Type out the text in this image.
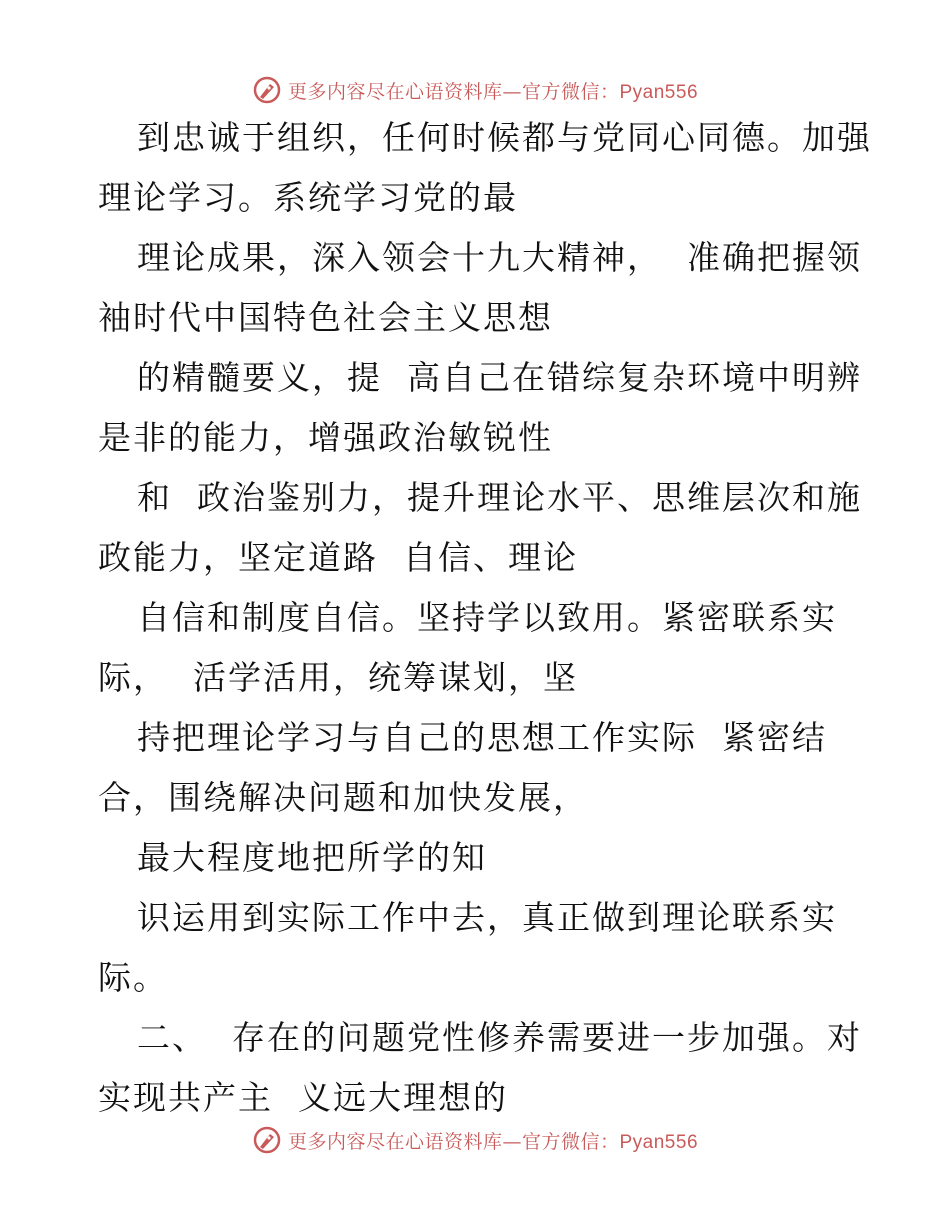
更多内容尽在心语资料库—官方微信：Pyan556
到忠诚于组织，任何时候都与党同心同德。加强
理论学习。系统学习党的最
理论成果，深入领会十九大精神，  准确把握领
袖时代中国特色社会主义思想
的精髓要义，提  高自己在错综复杂环境中明辨
是非的能力，增强政治敏锐性
和  政治鉴别力，提升理论水平、思维层次和施
政能力，坚定道路  自信、理论
自信和制度自信。坚持学以致用。紧密联系实
际，  活学活用，统筹谋划，坚
持把理论学习与自己的思想工作实际  紧密结
合，围绕解决问题和加快发展，
最大程度地把所学的知
识运用到实际工作中去，真正做到理论联系实
际。
二、  存在的问题党性修养需要进一步加强。对
实现共产主  义远大理想的
更多内容尽在心语资料库—官方微信：Pyan556
